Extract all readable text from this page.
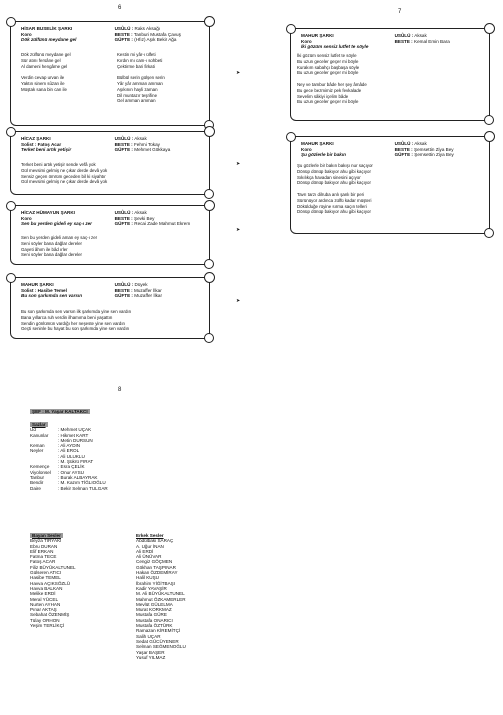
6
7
8
HİSAR BUSELİK ŞARKI
Koro
Dök zülfünü meydane gel
USÛLÜ : Raks Aksağı
BESTE : Tanburi Mustafa Çavuş
GÜFTE : (Hfız) Aşık Bekir Ağa
Dök zülfünü meydane gel
Sür atını fersâne gel
Al dameni hengâme gel

Verdin cevap urvan ile
Yaktın sinem sûzan ile
Müştak sana bin can ile
Kestin mi yâr-ı ülfeti
Kırdın mı cam-ı sohbeti
Çektirme bari firkati

Bülbül serin gülşen serin
Yâr yâr amman amman
Aşıkının hayli zaman
Dil muntazır teşrifine
Gel amman amman
HİCAZ ŞARKI
Solist : Fatoş Acar
Terket beni artık yetişir
USÛLÜ : Aksak
BESTE : Fehmi Tokay
GÜFTE : Mehmet Gökkaya
Terket beni artık yetişir sende vefâ yok
Gül mevsimi gelmiş ne çıkar derde devâ yok
Sensiz geçen ömrüm geceden bil ki siyahtır
Gül mevsimi gelmiş ne çıkar derde devâ yok
HİCAZ HÜMAYUN ŞARKI
Koro
Sen bu yerden gideli ey saç-ı zer
USÛLÜ : Aksak
BESTE : Şevki Bey
GÜFTE : Recai Zade Mahmut Ekrem
Sen bu yerden gideli aman ey saç-ı zer
Seni söyler bana dağlar dereler
Gayeti âhım ile bâd ırler
Seni söyler bana dağlar dereler
MAHUR ŞARKI
Solist : Hasibe Temel
Bu son şarkımda sen varsın
USÛLÜ : Düyek
BESTE : Muzaffer İlkar
GÜFTE : Muzaffer İlkar
Bu son şarkımda sen varsın ilk şarkımda yine sen vardın
Bana yıllarca ruh verdin ilhamıma beni yaşattın
Sendin gönlümün vardığı her neşeste yine sen vardın
Geçti seninle bu hayat bu son şarkımda yine sen vardın
MAHUR ŞARKI
Koro
İki gözüm sensiz lutfet te söyle
USÛLÜ : Aksak
BESTE : Kemal Emin Bara
İki gözüm sensiz lutfet te söyle
Bu uzun geceler geçer mi böyle
Kurakım sabahçı başbaşa söyle
Bu uzun geceler geçer mi böyle

Ney ve tambur bâde her şey âmâde
Bu gece bezmimiz pek fevkalade
Sevelim sâkiyi içelim bâde
Bu uzun geceler geçer mi böyle
MAHUR ŞARKI
Koro
Şu gözlerle bir bakın
USÛLÜ : Aksak
BESTE : Şemsettin Ziya Bey
GÜFTE : Şemsettin Ziya Bey
Şu gözlerle bir bakın bakışı nur saçıyor
Dönüp dönüp bakıyor ahu gibi kaçıyor
Sıkılıkça havadan sinesini açıyor
Dönüp dönüp bakıyor ahu gibi kaçıyor

Tavrı tarzı dilruba anlı şanlı bir peri
Sürünüyor ardınca zülfü kadar müşteri
Dökülduğe rüyine sırma saçın telleri
Dönüp dönüp bakıyor ahu gibi kaçıyor
➤
➤
➤
➤
ŞEF : M. Yaşar KALTAKCI
Sazlar
Ud	: Mehmet UÇAK
Kanunlar	: Hikmet KART

: Metin DURSUN
Keman	: Ali AYDIN
Neyler	: Ali EROL

: Ali ULUKLU

: M. Şükrü FIRAT
Kemençe	: Esra ÇELİK
Viyolonsel	: Onur AYSU
Tanbur	: Burak ALBAYRAK
Bendir	: M. Kazım TİĞLIOĞLU
Daire	: Bekir Selman TULGAR
Bayan Sesler
Beyza TİRYAKİ
Ebru DURAN
Elif ERKAN
Fatma TECE
Fatoş ACAR
Filiz BÜYÜKALTUNEL
Gülseren ATICI
Hasibe TEMEL
Havva AÇIKSÖZLÜ
Havva BALKAN
Melike ERDİ
Meral YÜCEL
Nurten AYHAN
Pınar AKTAŞ
Sebahat ÖZENMİŞ
Tülay ORHON
Yeşim TERLİKÇİ
Erkek Sesler
Abdülbaki SARAÇ
A. Uğur İNAN
Ali ERDİ
Ali ÜNÜVAR
Cengiz GÖÇMEN
Gökhan TAŞPINAR
Hakan ÖZDEMİRAY
Halil KUŞU
İbrahim YİĞİTBAŞI
Kadir YAVAŞİR
M. Ali BÜYÜKALTUNEL
Mahmut ÖZKAMERLER
Mevlüt GÜLELMA
Murat KORKMAZ
Mustafa GÜRE
Mustafa ONARICI
Mustafa ÖZTÜRK
Ramazan KİREMİTÇİ
Salih UÇAR
Sedat GÜCÜYENER
Selman SEĞMENOĞLU
Yaşar BAŞER
Yusuf YILMAZ
